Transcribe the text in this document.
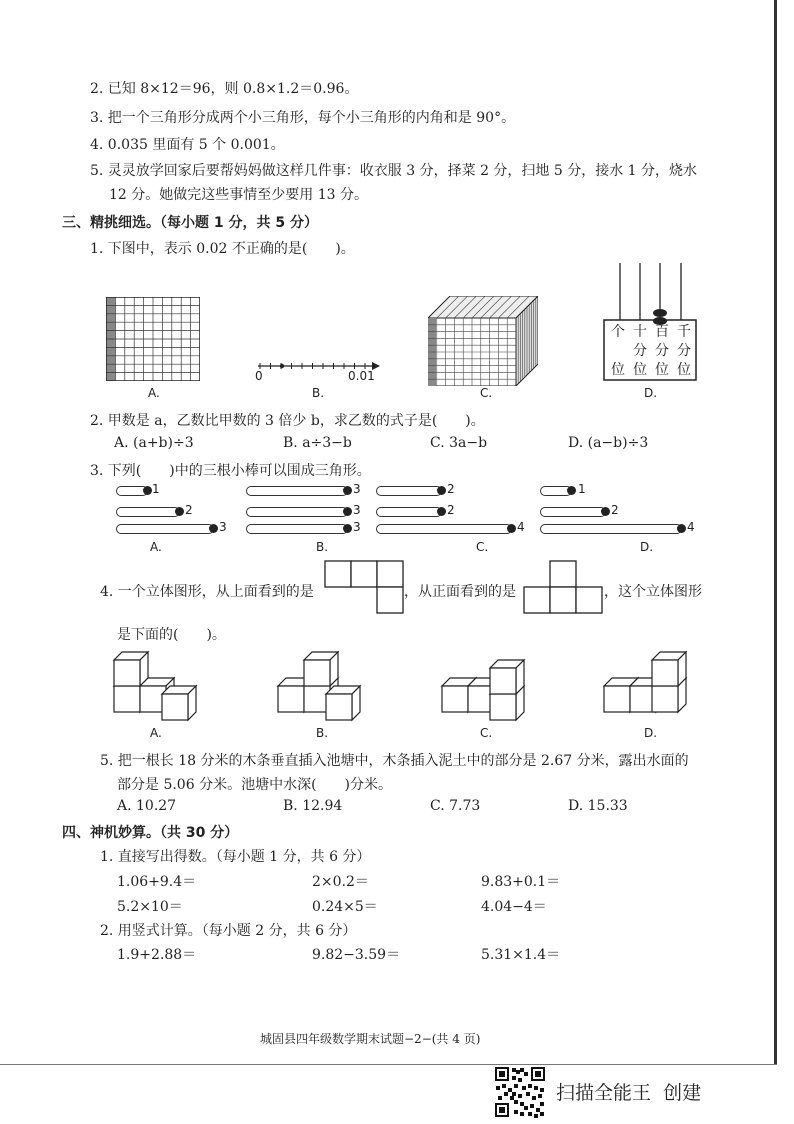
2. 已知 8×12＝96，则 0.8×1.2＝0.96。
3. 把一个三角形分成两个小三角形，每个小三角形的内角和是 90°。
4. 0.035 里面有 5 个 0.001。
5. 灵灵放学回家后要帮妈妈做这样几件事：收衣服 3 分，择菜 2 分，扫地 5 分，接水 1 分，烧水
12 分。她做完这些事情至少要用 13 分。
三、精挑细选。（每小题 1 分，共 5 分）
1. 下图中，表示 0.02 不正确的是(　　)。
A.
0	0.01
B.	C.
个 十 百 千
分 分 分
位 位 位 位
D.
2. 甲数是 a，乙数比甲数的 3 倍少 b，求乙数的式子是(　　)。
A. (a+b)÷3	B. a÷3−b	C. 3a−b	D. (a−b)÷3
3. 下列(　　)中的三根小棒可以围成三角形。
1
2
3
A.
3
3
3
B.
2
2
4
C.
1
2
4
D.
4. 一个立体图形，从上面看到的是	，从正面看到的是	，这个立体图形
是下面的(　　)。
A.	B.	C.	D.
5. 把一根长 18 分米的木条垂直插入池塘中，木条插入泥土中的部分是 2.67 分米，露出水面的
部分是 5.06 分米。池塘中水深(　　)分米。
A. 10.27	B. 12.94	C. 7.73	D. 15.33
四、神机妙算。（共 30 分）
1. 直接写出得数。（每小题 1 分，共 6 分）
1.06+9.4＝	2×0.2＝	9.83+0.1＝
5.2×10＝	0.24×5＝	4.04−4＝
2. 用竖式计算。（每小题 2 分，共 6 分）
1.9+2.88＝	9.82−3.59＝	5.31×1.4＝
城固县四年级数学期末试题−2−(共 4 页)
扫描全能王  创建
